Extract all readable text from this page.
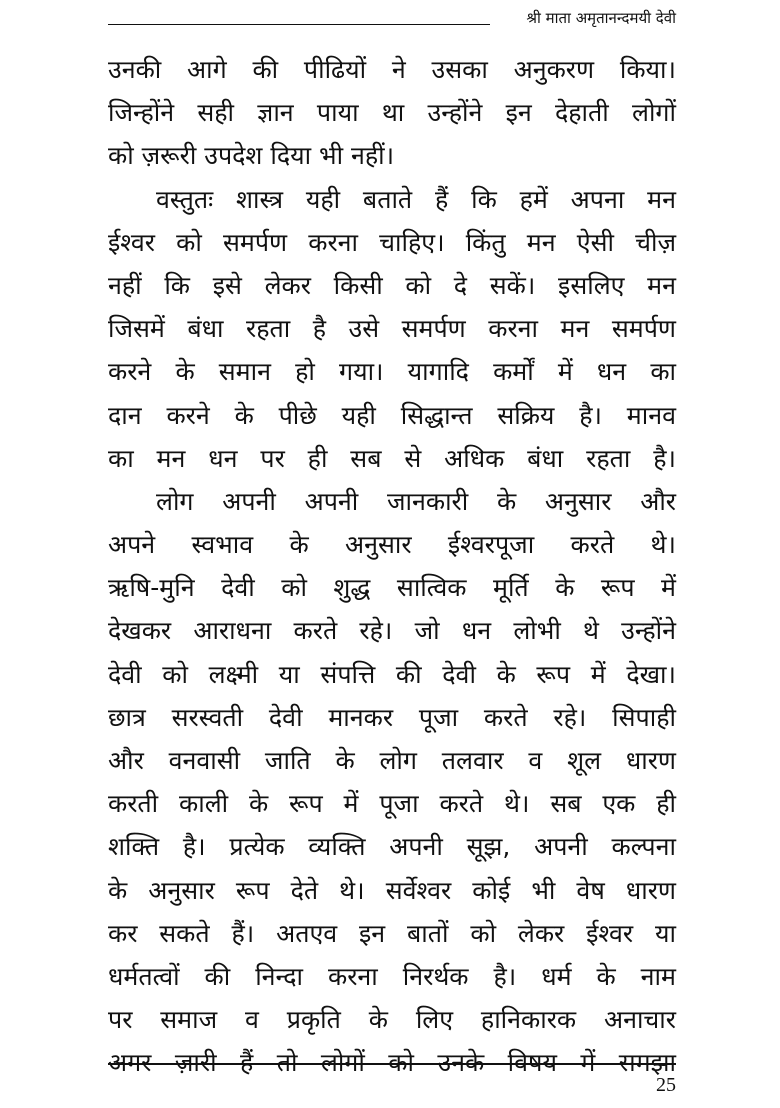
श्री माता अमृतानन्दमयी देवी
उनकी आगे की पीढियों ने उसका अनुकरण किया।
जिन्होंने सही ज्ञान पाया था उन्होंने इन देहाती लोगों
को ज़रूरी उपदेश दिया भी नहीं।
वस्तुतः शास्त्र यही बताते हैं कि हमें अपना मन
ईश्वर को समर्पण करना चाहिए। किंतु मन ऐसी चीज़
नहीं कि इसे लेकर किसी को दे सकें। इसलिए मन
जिसमें बंधा रहता है उसे समर्पण करना मन समर्पण
करने के समान हो गया। यागादि कर्मों में धन का
दान करने के पीछे यही सिद्धान्त सक्रिय है। मानव
का मन धन पर ही सब से अधिक बंधा रहता है।
लोग अपनी अपनी जानकारी के अनुसार और
अपने स्वभाव के अनुसार ईश्वरपूजा करते थे।
ऋषि-मुनि देवी को शुद्ध सात्विक मूर्ति के रूप में
देखकर आराधना करते रहे। जो धन लोभी थे उन्होंने
देवी को लक्ष्मी या संपत्ति की देवी के रूप में देखा।
छात्र सरस्वती देवी मानकर पूजा करते रहे। सिपाही
और वनवासी जाति के लोग तलवार व शूल धारण
करती काली के रूप में पूजा करते थे। सब एक ही
शक्ति है। प्रत्येक व्यक्ति अपनी सूझ, अपनी कल्पना
के अनुसार रूप देते थे। सर्वेश्वर कोई भी वेष धारण
कर सकते हैं। अतएव इन बातों को लेकर ईश्वर या
धर्मतत्वों की निन्दा करना निरर्थक है। धर्म के नाम
पर समाज व प्रकृति के लिए हानिकारक अनाचार
अगर ज़ारी हैं तो लोगों को उनके विषय में समझा
25
